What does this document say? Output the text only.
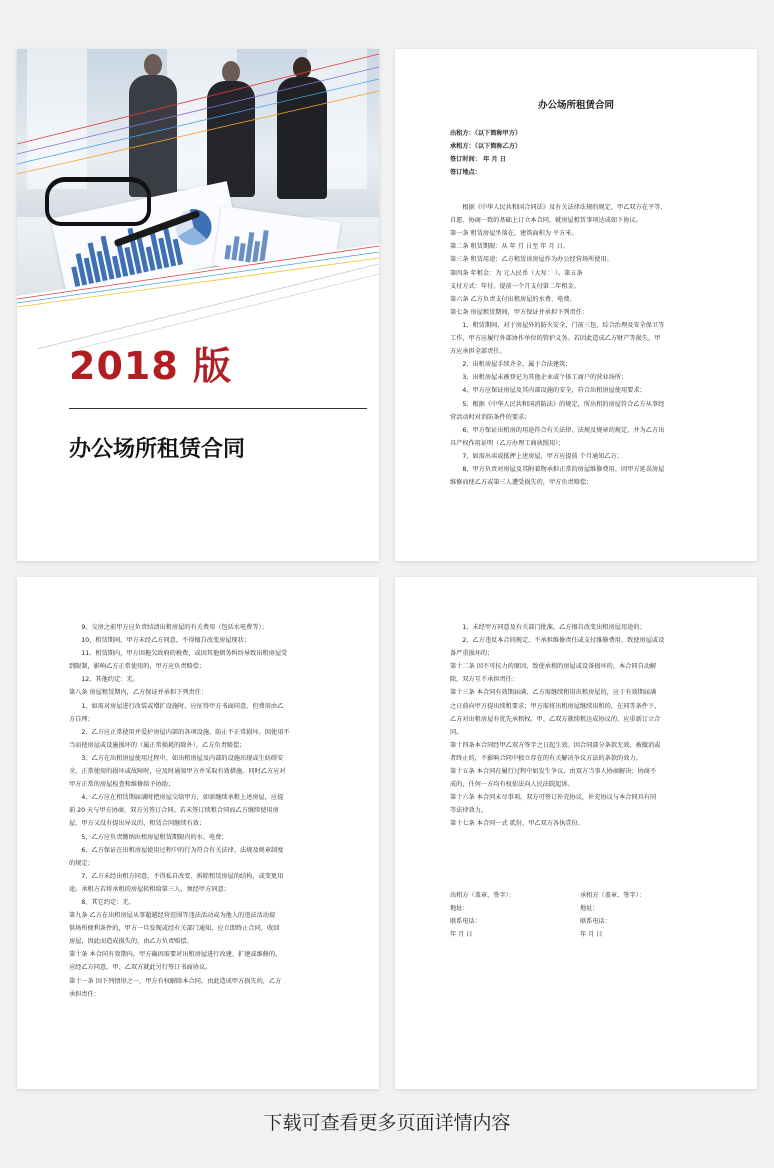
2018 版
办公场所租赁合同
办公场所租赁合同

出租方：（以下简称甲方）

承租方：（以下简称乙方）

签订时间： 年 月 日

签订地点：

　　根据《中华人民共和国合同法》及有关法律法规的规定，甲乙双方在平等、

自愿、协商一致的基础上订立本合同。就房屋租赁事项达成如下协议。

第一条 租赁房屋坐落在，建筑面积为 平方米。

第二条 租赁期限：从 年 月 日至 年 月 日。

第三条 租赁用途：乙方租赁该房屋作为办公经营场所使用。

第四条 年租金：为 元人民币（大写： ）。第五条

支付方式：年付。提前一个月支付第二年租金。

第六条 乙方负责支付出租房屋的水费、电费。

第七条 房屋租赁期间，甲方保证并承担下列责任：

　　1、租赁期间，对于房屋外的防火安全、门前三包，综合治理及安全保卫等

工作，甲方应履行外部协作单位的管护义务。若因此造成乙方财产等损失，甲

方应承担全部责任。

　　2、出租房屋手续齐全，属于合法建筑；

　　3、出租房屋未被登记为其他企业或个体工商户的营业场所；

　　4、甲方应保证房屋及其内部设施的安全，符合出租房屋使用要求；

　　5、根据《中华人民共和国消防法》的规定，所出租的房屋符合乙方从事经

营活动时对消防条件的要求；

　　6、甲方保证出租房的用途符合有关法律、法规及规章的规定，并为乙方出

具产权作用证明（乙方办理工商执照用）；

　　7、如需出卖或抵押上述房屋，甲方应提前 个月通知乙方；

　　8、甲方负责对房屋及其附着物承担正常的房屋维修费用。因甲方延误房屋

维修而使乙方或第三人遭受损失的，甲方负责赔偿；

　　9、交房之前甲方应负责结清出租房屋的有关费用（包括水电费等）；

　　10、租赁期间，甲方未经乙方同意，不得擅自改变房屋现状；

　　11、租赁期内，甲方因拖欠政府的税费，或因其他债务纠纷导致出租房屋受

到限制，影响乙方正常使用的，甲方应负责赔偿；

　　12、其他约定：无。

第八条 房屋租赁期内，乙方保证并承担下列责任：

　　1、如需对房屋进行改装或增扩设施时，应征得甲方书面同意，但费用由乙

方自理；

　　2、乙方应正常使用并爱护房屋内部的各项设施，防止不正常损坏。因使用不

当而使房屋或设施损坏的（属正常损耗的除外），乙方负责赔偿；

　　3、乙方在出租房屋使用过程中，如出租房屋及内部的设施出现或生妨碍安

全、正常使用的损坏或故障时，应及时通知甲方并采取有效措施。同时乙方应对

甲方正常的房屋检查和维修给予协助；

　　4、乙方应在租赁期届满时把房屋交给甲方，如需继续承租上述房屋，应提

前 20 天与甲方协商，双方另签订合同。若未签订续租合同而乙方继续使用房

屋，甲方又没有提出异议的，租赁合同继续有效；

　　5、乙方应负责缴纳出租房屋租赁期限内的水、电费；

　　6、乙方保证在出租房屋使用过程中的行为符合有关法律、法规及规章制度

的规定；

　　7、乙方未经出租方同意，不得私自改变、拆除租赁房屋的结构，或变更用

途。承租方若将承租的房屋转租给第三人，须经甲方同意；

　　8、其它约定：无。

第九条 乙方在出租房屋从事超越经营范围等违法活动或为他人的违法活动提

供场所便利条件的，甲方一旦发现或经有关部门通知，应立即终止合同，收回

房屋，因此而造成损失的，由乙方负责赔偿。

第十条 本合同有效期内，甲方确因需要对出租房屋进行改建、扩建或维修的，

应经乙方同意，甲、乙双方就此另行签订书面协议。

第十一条 因下列情形之一，甲方有权解除本合同，由此造成甲方损失的，乙方

承担责任：

　　1、未经甲方同意及有关部门批准，乙方擅自改变出租房屋用途的；

　　2、乙方违反本合同规定，不承担维修责任或支付维修费用，致使房屋或设

备严重损坏的；

第十二条 因不可抗力的原因，致使承租的房屋或设备损坏的，本合同自动解

除，双方互不承担责任：

第十三条 本合同有效期届满，乙方需继续租用出租房屋的，应于有效期届满

之日前向甲方提出续租要求；甲方需将出租房屋继续出租的，在同等条件下，

乙方对出租房屋有优先承租权。甲、乙双方就续租达成协议的，应重新订立合

同。

第十四条本合同经甲乙双方签字之日起生效。因合同部分条款无效、被撤消或

者终止的，不影响合同中独立存在的有关解决争议方法的条款的效力。

第十五条 本合同在履行过程中如发生争议，由双方当事人协商解决；协商不

成的，任何一方均有权依法向人民法院起诉。

第十六条 本合同未尽事项，双方可签订补充协议，补充协议与本合同具有同

等法律效力。

第十七条 本合同一式 贰份，甲乙双方各执壹份。

出租方（盖章、签字）：

地址：

联系电话：

年 月 日

承租方（盖章、签字）：

地址：

联系电话：

年 月 日

下载可查看更多页面详情内容
